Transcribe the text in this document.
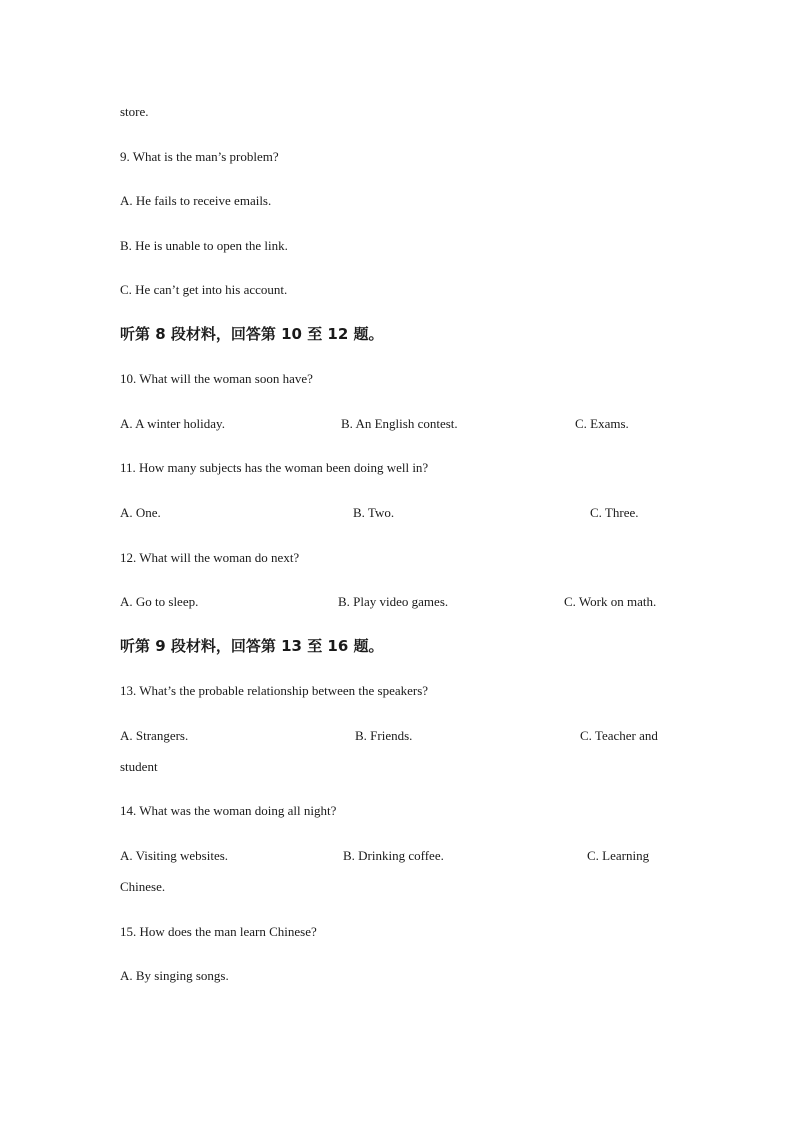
store.
9. What is the man’s problem?
A. He fails to receive emails.
B. He is unable to open the link.
C. He can’t get into his account.
听第 8 段材料，回答第 10 至 12 题。
10. What will the woman soon have?
A. A winter holiday.	B. An English contest.	C. Exams.
11. How many subjects has the woman been doing well in?
A. One.	B. Two.	C. Three.
12. What will the woman do next?
A. Go to sleep.	B. Play video games.	C. Work on math.
听第 9 段材料，回答第 13 至 16 题。
13. What’s the probable relationship between the speakers?
A. Strangers.	B. Friends.	C. Teacher and
student
14. What was the woman doing all night?
A. Visiting websites.	B. Drinking coffee.	C. Learning
Chinese.
15. How does the man learn Chinese?
A. By singing songs.
